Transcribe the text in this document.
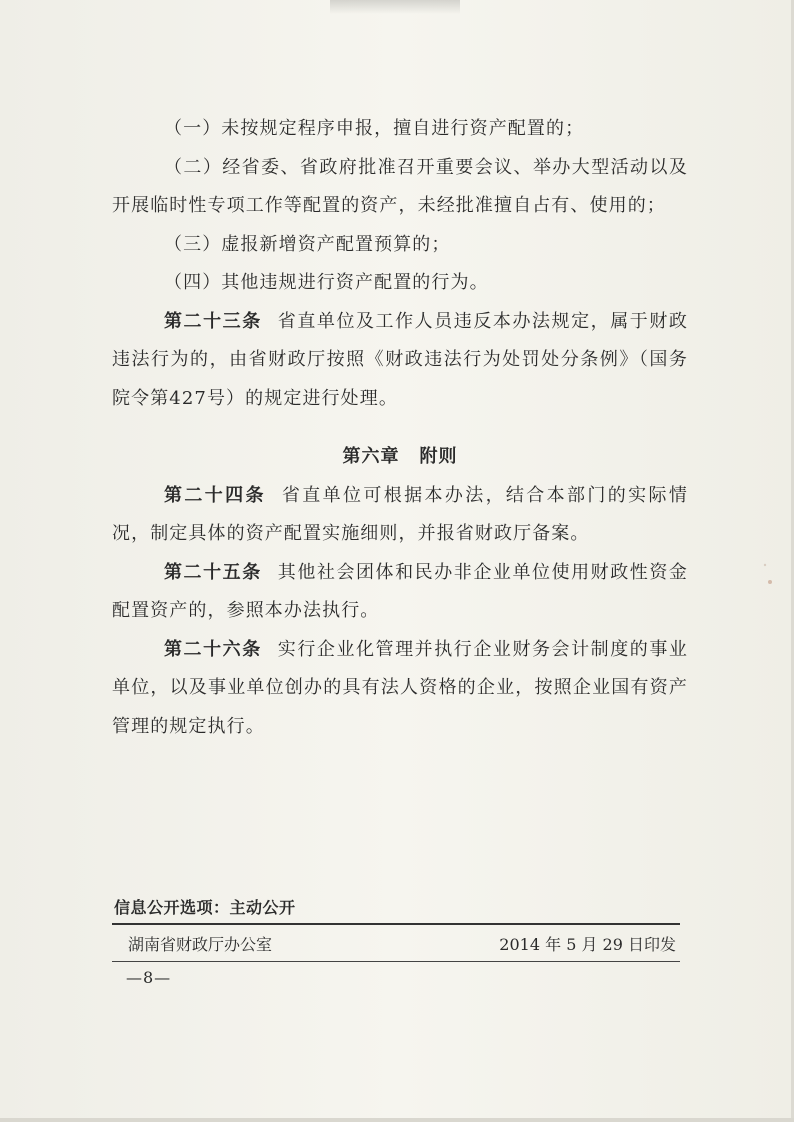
（一）未按规定程序申报，擅自进行资产配置的；

（二）经省委、省政府批准召开重要会议、举办大型活动以及开展临时性专项工作等配置的资产，未经批准擅自占有、使用的；

（三）虚报新增资产配置预算的；

（四）其他违规进行资产配置的行为。

第二十三条 省直单位及工作人员违反本办法规定，属于财政违法行为的，由省财政厅按照《财政违法行为处罚处分条例》（国务院令第427号）的规定进行处理。

第六章 附则

第二十四条 省直单位可根据本办法，结合本部门的实际情况，制定具体的资产配置实施细则，并报省财政厅备案。

第二十五条 其他社会团体和民办非企业单位使用财政性资金配置资产的，参照本办法执行。

第二十六条 实行企业化管理并执行企业财务会计制度的事业单位，以及事业单位创办的具有法人资格的企业，按照企业国有资产管理的规定执行。

信息公开选项：主动公开
湖南省财政厅办公室	2014 年 5 月 29 日印发
—8—
